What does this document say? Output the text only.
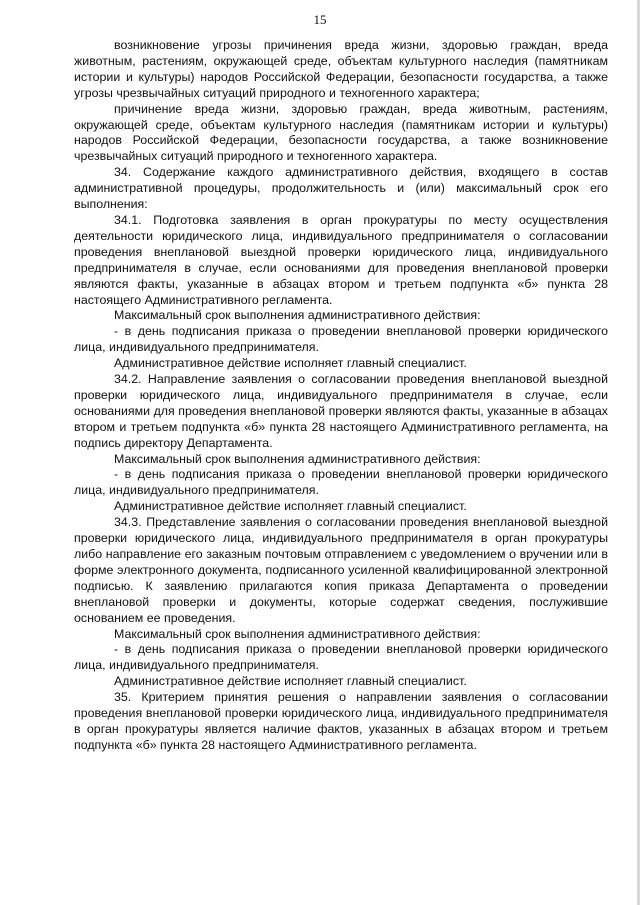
15

возникновение угрозы причинения вреда жизни, здоровью граждан, вреда животным, растениям, окружающей среде, объектам культурного наследия (памятникам истории и культуры) народов Российской Федерации, безопасности государства, а также угрозы чрезвычайных ситуаций природного и техногенного характера;

причинение вреда жизни, здоровью граждан, вреда животным, растениям, окружающей среде, объектам культурного наследия (памятникам истории и культуры) народов Российской Федерации, безопасности государства, а также возникновение чрезвычайных ситуаций природного и техногенного характера.

34. Содержание каждого административного действия, входящего в состав административной процедуры, продолжительность и (или) максимальный срок его выполнения:

34.1. Подготовка заявления в орган прокуратуры по месту осуществления деятельности юридического лица, индивидуального предпринимателя о согласовании проведения внеплановой выездной проверки юридического лица, индивидуального предпринимателя в случае, если основаниями для проведения внеплановой проверки являются факты, указанные в абзацах втором и третьем подпункта «б» пункта 28 настоящего Административного регламента.

Максимальный срок выполнения административного действия:

- в день подписания приказа о проведении внеплановой проверки юридического лица, индивидуального предпринимателя.

Административное действие исполняет главный специалист.

34.2. Направление заявления о согласовании проведения внеплановой выездной проверки юридического лица, индивидуального предпринимателя в случае, если основаниями для проведения внеплановой проверки являются факты, указанные в абзацах втором и третьем подпункта «б» пункта 28 настоящего Административного регламента, на подпись директору Департамента.

Максимальный срок выполнения административного действия:

- в день подписания приказа о проведении внеплановой проверки юридического лица, индивидуального предпринимателя.

Административное действие исполняет главный специалист.

34.3. Представление заявления о согласовании проведения внеплановой выездной проверки юридического лица, индивидуального предпринимателя в орган прокуратуры либо направление его заказным почтовым отправлением с уведомлением о вручении или в форме электронного документа, подписанного усиленной квалифицированной электронной подписью. К заявлению прилагаются копия приказа Департамента о проведении внеплановой проверки и документы, которые содержат сведения, послужившие основанием ее проведения.

Максимальный срок выполнения административного действия:

- в день подписания приказа о проведении внеплановой проверки юридического лица, индивидуального предпринимателя.

Административное действие исполняет главный специалист.

35. Критерием принятия решения о направлении заявления о согласовании проведения внеплановой проверки юридического лица, индивидуального предпринимателя в орган прокуратуры является наличие фактов, указанных в абзацах втором и третьем подпункта «б» пункта 28 настоящего Административного регламента.
